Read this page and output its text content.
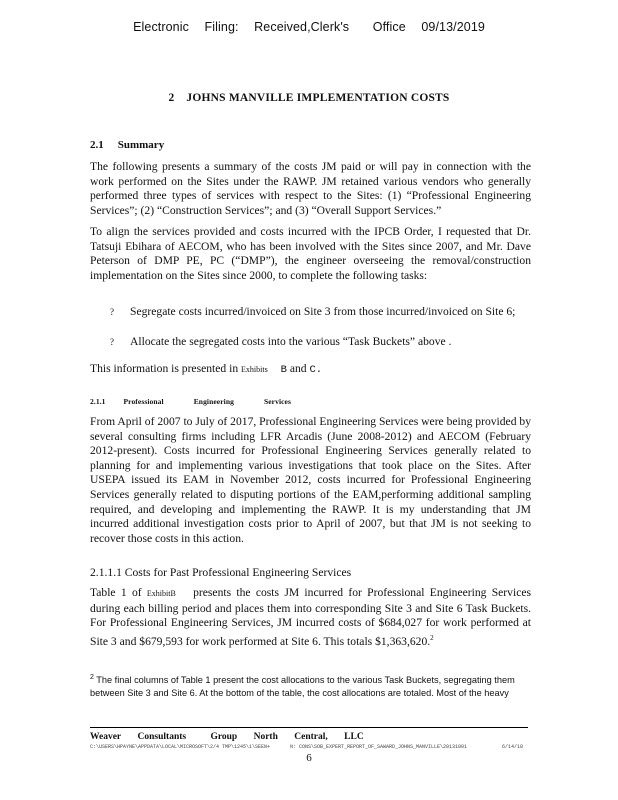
Electronic Filing: Received,Clerk's Office 09/13/2019
2 JOHNS MANVILLE IMPLEMENTATION COSTS
2.1 Summary

The following presents a summary of the costs JM paid or will pay in connection with the work performed on the Sites under the RAWP. JM retained various vendors who generally performed three types of services with respect to the Sites: (1) “Professional Engineering Services”; (2) “Construction Services”; and (3) “Overall Support Services.”

To align the services provided and costs incurred with the IPCB Order, I requested that Dr. Tatsuji Ebihara of AECOM, who has been involved with the Sites since 2007, and Mr. Dave Peterson of DMP PE, PC (“DMP”), the engineer overseeing the removal/construction implementation on the Sites since 2000, to complete the following tasks:

? Segregate costs incurred/invoiced on Site 3 from those incurred/invoiced on Site 6;
? Allocate the segregated costs into the various “Task Buckets” above .
This information is presented in Exhibits B and C.
2.1.1 Professional	Engineering	Services

From April of 2007 to July of 2017, Professional Engineering Services were being provided by several consulting firms including LFR Arcadis (June 2008-2012) and AECOM (February 2012-present). Costs incurred for Professional Engineering Services generally related to planning for and implementing various investigations that took place on the Sites. After USEPA issued its EAM in November 2012, costs incurred for Professional Engineering Services generally related to disputing portions of the EAM,performing additional sampling required, and developing and implementing the RAWP. It is my understanding that JM incurred additional investigation costs prior to April of 2007, but that JM is not seeking to recover those costs in this action.

2.1.1.1 Costs for Past Professional Engineering Services

Table 1 of ExhibitB presents the costs JM incurred for Professional Engineering Services during each billing period and places them into corresponding Site 3 and Site 6 Task Buckets. For Professional Engineering Services, JM incurred costs of $684,027 for work performed at Site 3 and $679,593 for work performed at Site 6. This totals $1,363,620.$^2$

$^2$ The final columns of Table 1 present the cost allocations to the various Task Buckets, segregating them between Site 3 and Site 6. At the bottom of the table, the cost allocations are totaled. Most of the heavy
Weaver Consultants	Group North Central, LLC
C:\USERS\HPAYNE\APPDATA\LOCAL\MICROSOFT\ 2/4 TMP\1245\1\SEEN+	N: CONS\SOB_EXPERT_REPORT_OF_SAWARD_JOHNS_MANVILLE\20131001	6/14/18
6
